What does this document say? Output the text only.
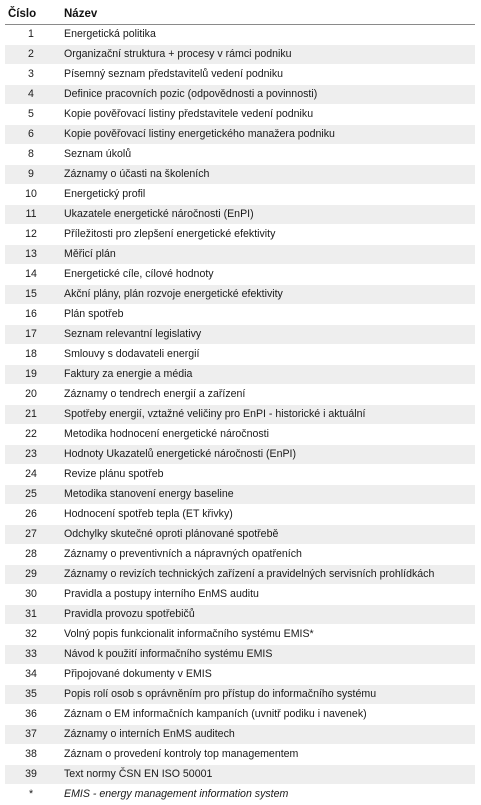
Číslo	Název
1	Energetická politika
2	Organizační struktura + procesy v rámci podniku
3	Písemný seznam představitelů vedení podniku
4	Definice pracovních pozic (odpovědnosti a povinnosti)
5	Kopie pověřovací listiny představitele vedení podniku
6	Kopie pověřovací listiny energetického manažera podniku
8	Seznam úkolů
9	Záznamy o účasti na školeních
10	Energetický profil
11	Ukazatele energetické náročnosti (EnPI)
12	Příležitosti pro zlepšení energetické efektivity
13	Měřicí plán
14	Energetické cíle, cílové hodnoty
15	Akční plány, plán rozvoje energetické efektivity
16	Plán spotřeb
17	Seznam relevantní legislativy
18	Smlouvy s dodavateli energií
19	Faktury za energie a média
20	Záznamy o tendrech energií a zařízení
21	Spotřeby energií, vztažné veličiny pro EnPI - historické i aktuální
22	Metodika hodnocení energetické náročnosti
23	Hodnoty Ukazatelů energetické náročnosti (EnPI)
24	Revize plánu spotřeb
25	Metodika stanovení energy baseline
26	Hodnocení spotřeb tepla (ET křivky)
27	Odchylky skutečné oproti plánované spotřebě
28	Záznamy o preventivních a nápravných opatřeních
29	Záznamy o revizích technických zařízení a pravidelných servisních prohlídkách
30	Pravidla a postupy interního EnMS auditu
31	Pravidla provozu spotřebičů
32	Volný popis funkcionalit informačního systému EMIS*
33	Návod k použití informačního systému EMIS
34	Připojované dokumenty v EMIS
35	Popis rolí osob s oprávněním pro přístup do informačního systému
36	Záznam o EM informačních kampaních (uvnitř podiku i navenek)
37	Záznamy o interních EnMS auditech
38	Záznam o provedení kontroly top managementem
39	Text normy ČSN EN ISO 50001
*	EMIS - energy management information system
